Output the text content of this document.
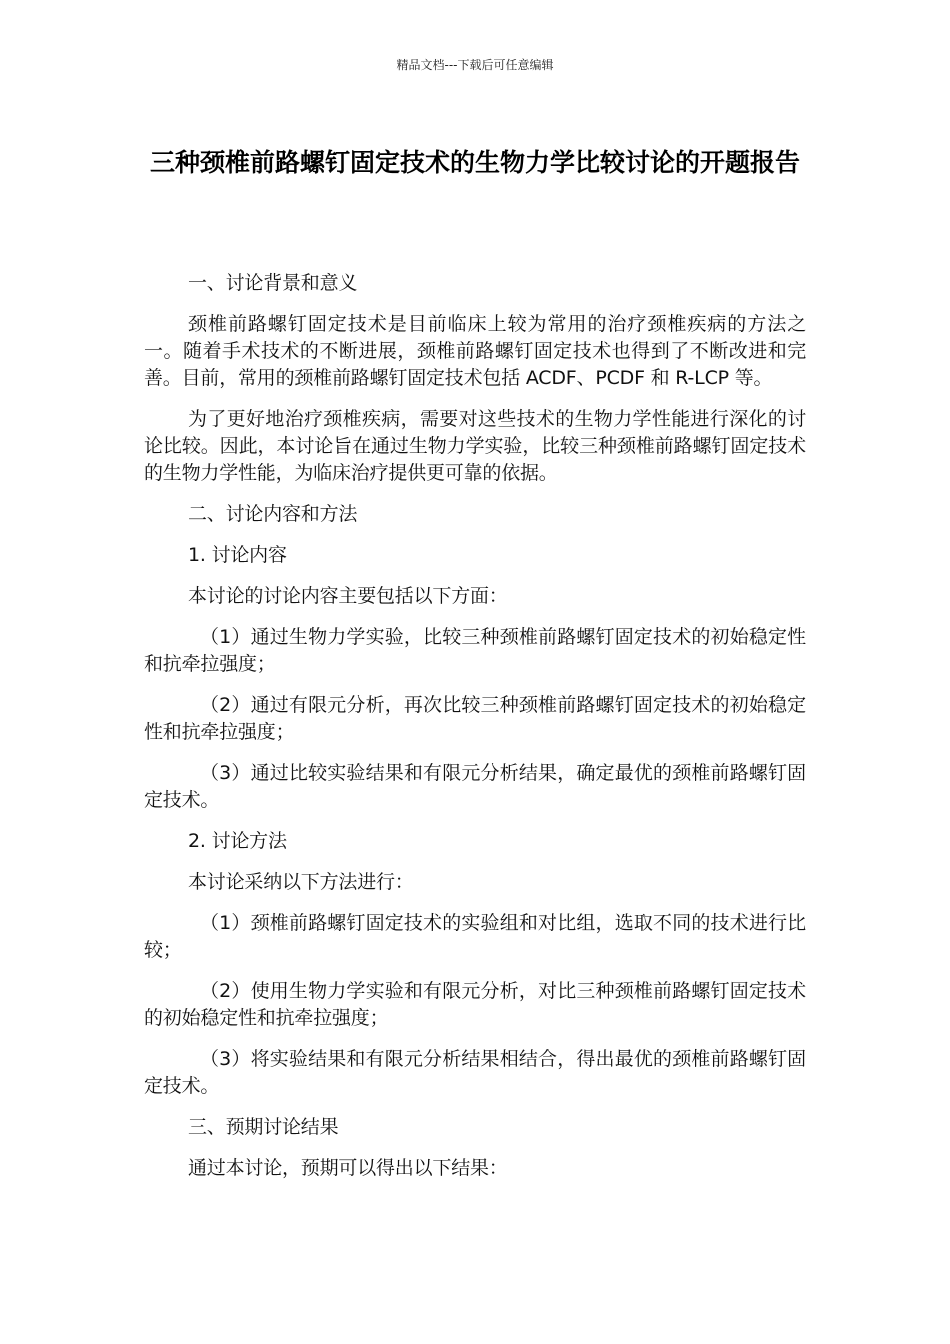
精品文档---下载后可任意编辑
三种颈椎前路螺钉固定技术的生物力学比较讨论的开题报告

一、讨论背景和意义

颈椎前路螺钉固定技术是目前临床上较为常用的治疗颈椎疾病的方法之一。随着手术技术的不断进展，颈椎前路螺钉固定技术也得到了不断改进和完善。目前，常用的颈椎前路螺钉固定技术包括 ACDF、PCDF 和 R-LCP 等。

为了更好地治疗颈椎疾病，需要对这些技术的生物力学性能进行深化的讨论比较。因此，本讨论旨在通过生物力学实验，比较三种颈椎前路螺钉固定技术的生物力学性能，为临床治疗提供更可靠的依据。

二、讨论内容和方法

1. 讨论内容

本讨论的讨论内容主要包括以下方面：

（1）通过生物力学实验，比较三种颈椎前路螺钉固定技术的初始稳定性和抗牵拉强度；

（2）通过有限元分析，再次比较三种颈椎前路螺钉固定技术的初始稳定性和抗牵拉强度；

（3）通过比较实验结果和有限元分析结果，确定最优的颈椎前路螺钉固定技术。

2. 讨论方法

本讨论采纳以下方法进行：

（1）颈椎前路螺钉固定技术的实验组和对比组，选取不同的技术进行比较；

（2）使用生物力学实验和有限元分析，对比三种颈椎前路螺钉固定技术的初始稳定性和抗牵拉强度；

（3）将实验结果和有限元分析结果相结合，得出最优的颈椎前路螺钉固定技术。

三、预期讨论结果

通过本讨论，预期可以得出以下结果：
